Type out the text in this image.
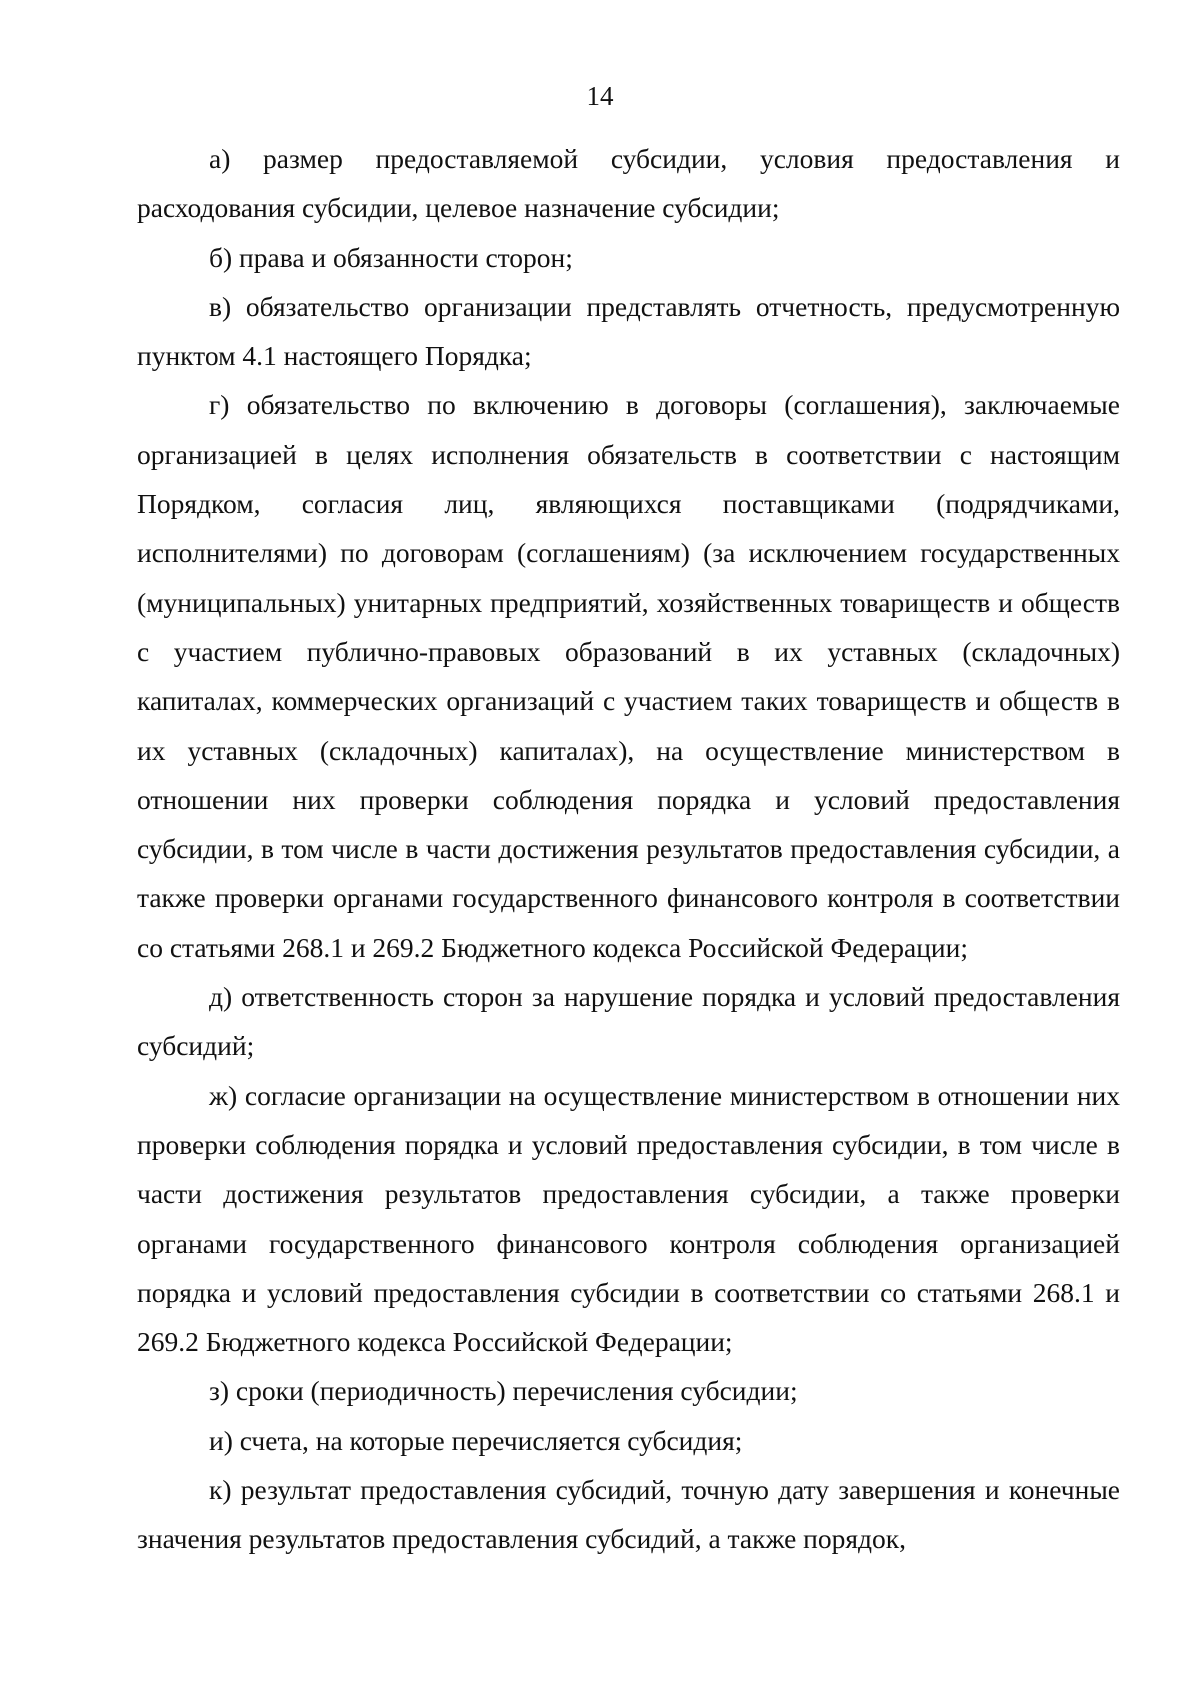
14

а) размер предоставляемой субсидии, условия предоставления и расходования субсидии, целевое назначение субсидии;

б) права и обязанности сторон;

в) обязательство организации представлять отчетность, предусмотренную пунктом 4.1 настоящего Порядка;

г) обязательство по включению в договоры (соглашения), заключаемые организацией в целях исполнения обязательств в соответствии с настоящим Порядком, согласия лиц, являющихся поставщиками (подрядчиками, исполнителями) по договорам (соглашениям) (за исключением государственных (муниципальных) унитарных предприятий, хозяйственных товариществ и обществ с участием публично-правовых образований в их уставных (складочных) капиталах, коммерческих организаций с участием таких товариществ и обществ в их уставных (складочных) капиталах), на осуществление министерством в отношении них проверки соблюдения порядка и условий предоставления субсидии, в том числе в части достижения результатов предоставления субсидии, а также проверки органами государственного финансового контроля в соответствии со статьями 268.1 и 269.2 Бюджетного кодекса Российской Федерации;

д) ответственность сторон за нарушение порядка и условий предоставления субсидий;

ж) согласие организации на осуществление министерством в отношении них проверки соблюдения порядка и условий предоставления субсидии, в том числе в части достижения результатов предоставления субсидии, а также проверки органами государственного финансового контроля соблюдения организацией порядка и условий предоставления субсидии в соответствии со статьями 268.1 и 269.2 Бюджетного кодекса Российской Федерации;

з) сроки (периодичность) перечисления субсидии;

и) счета, на которые перечисляется субсидия;

к) результат предоставления субсидий, точную дату завершения и конечные значения результатов предоставления субсидий, а также порядок,
